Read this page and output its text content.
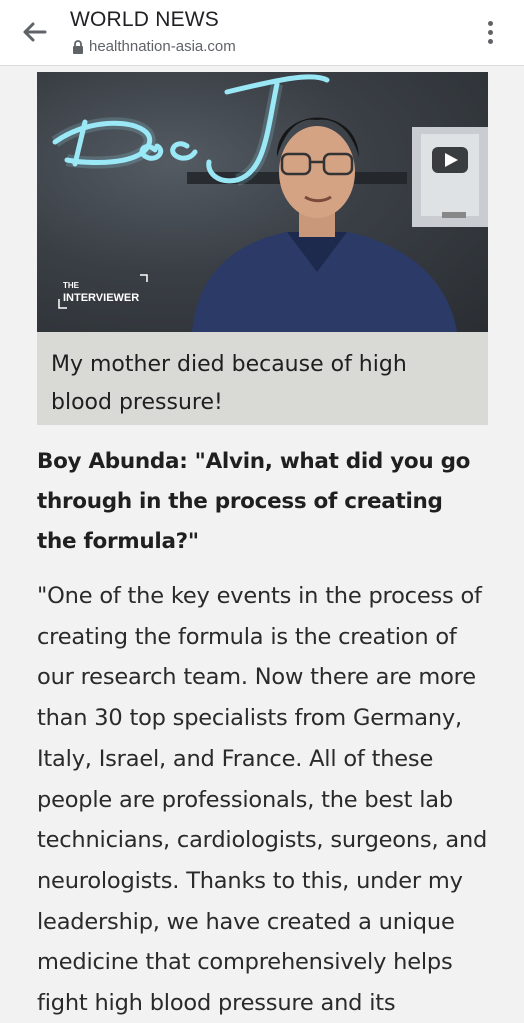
WORLD NEWS
healthnation-asia.com
THE
INTERVIEWER
My mother died because of high blood pressure!
Boy Abunda: "Alvin, what did you go through in the process of creating the formula?"
"One of the key events in the process of creating the formula is the creation of our research team. Now there are more than 30 top specialists from Germany, Italy, Israel, and France. All of these people are professionals, the best lab technicians, cardiologists, surgeons, and neurologists. Thanks to this, under my leadership, we have created a unique medicine that comprehensively helps fight high blood pressure and its
